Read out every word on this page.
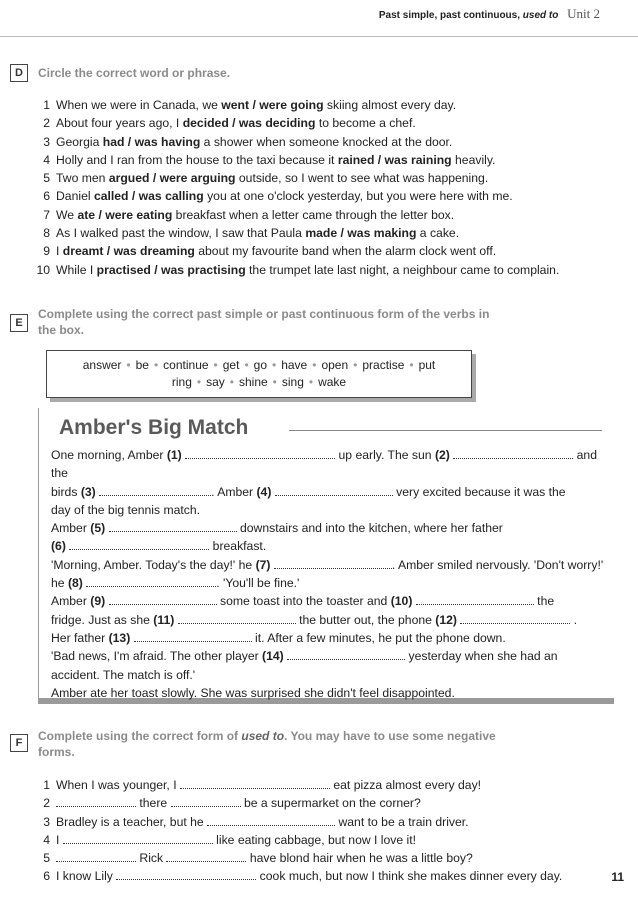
Past simple, past continuous, used to Unit 2
D	Circle the correct word or phrase.
1 When we were in Canada, we went / were going skiing almost every day.
2 About four years ago, I decided / was deciding to become a chef.
3 Georgia had / was having a shower when someone knocked at the door.
4 Holly and I ran from the house to the taxi because it rained / was raining heavily.
5 Two men argued / were arguing outside, so I went to see what was happening.
6 Daniel called / was calling you at one o'clock yesterday, but you were here with me.
7 We ate / were eating breakfast when a letter came through the letter box.
8 As I walked past the window, I saw that Paula made / was making a cake.
9 I dreamt / was dreaming about my favourite band when the alarm clock went off.
10 While I practised / was practising the trumpet late last night, a neighbour came to complain.
E
Complete using the correct past simple or past continuous form of the verbs in
the box.
answer • be • continue • get • go • have • open • practise • put
ring • say • shine • sing • wake
Amber's Big Match
One morning, Amber (1)	up early. The sun (2)	and the
birds (3)	. Amber (4)	very excited because it was the
day of the big tennis match.
Amber (5)	downstairs and into the kitchen, where her father
(6)	breakfast.
'Morning, Amber. Today's the day!' he (7)	. Amber smiled nervously. 'Don't worry!'
he (8)	. 'You'll be fine.'
Amber (9)	some toast into the toaster and (10)	the
fridge. Just as she (11)	the butter out, the phone (12)	.
Her father (13)	it. After a few minutes, he put the phone down.
'Bad news, I'm afraid. The other player (14)	yesterday when she had an
accident. The match is off.'
Amber ate her toast slowly. She was surprised she didn't feel disappointed.
F	Complete using the correct form of used to. You may have to use some negative
forms.
1 When I was younger, I	eat pizza almost every day!
2	there	be a supermarket on the corner?
3 Bradley is a teacher, but he	want to be a train driver.
4 I	like eating cabbage, but now I love it!
5	Rick	have blond hair when he was a little boy?
6 I know Lily	cook much, but now I think she makes dinner every day.	11
